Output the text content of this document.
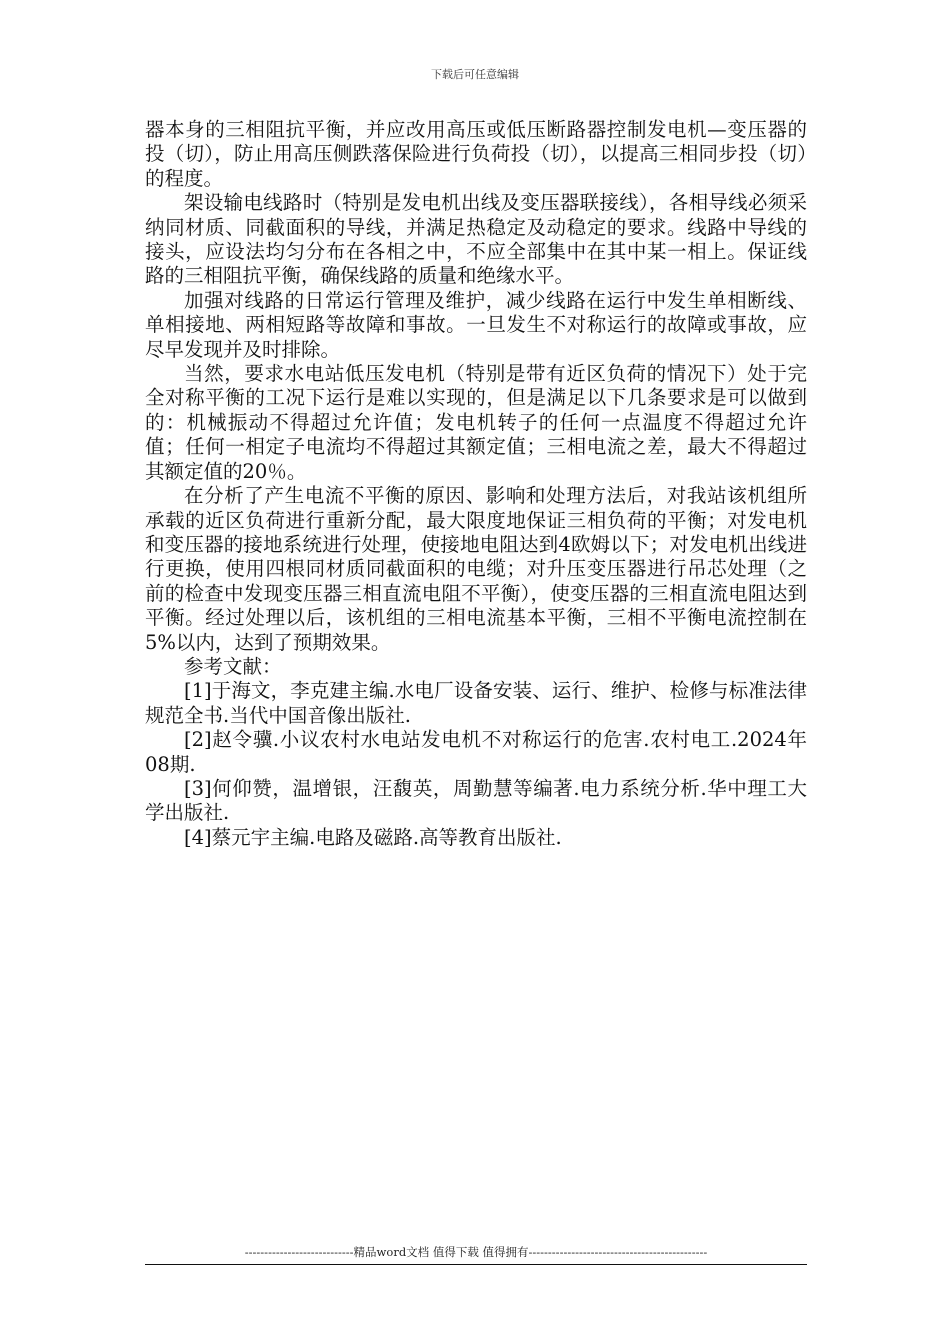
下载后可任意编辑

器本身的三相阻抗平衡，并应改用高压或低压断路器控制发电机—变压器的投（切），防止用高压侧跌落保险进行负荷投（切），以提高三相同步投（切）的程度。

架设输电线路时（特别是发电机出线及变压器联接线），各相导线必须采纳同材质、同截面积的导线，并满足热稳定及动稳定的要求。线路中导线的接头，应设法均匀分布在各相之中，不应全部集中在其中某一相上。保证线路的三相阻抗平衡，确保线路的质量和绝缘水平。

加强对线路的日常运行管理及维护，减少线路在运行中发生单相断线、单相接地、两相短路等故障和事故。一旦发生不对称运行的故障或事故，应尽早发现并及时排除。

当然，要求水电站低压发电机（特别是带有近区负荷的情况下）处于完全对称平衡的工况下运行是难以实现的，但是满足以下几条要求是可以做到的：机械振动不得超过允许值；发电机转子的任何一点温度不得超过允许值；任何一相定子电流均不得超过其额定值；三相电流之差，最大不得超过其额定值的20％。

在分析了产生电流不平衡的原因、影响和处理方法后，对我站该机组所承载的近区负荷进行重新分配，最大限度地保证三相负荷的平衡；对发电机和变压器的接地系统进行处理，使接地电阻达到4欧姆以下；对发电机出线进行更换，使用四根同材质同截面积的电缆；对升压变压器进行吊芯处理（之前的检查中发现变压器三相直流电阻不平衡），使变压器的三相直流电阻达到平衡。经过处理以后，该机组的三相电流基本平衡，三相不平衡电流控制在5%以内，达到了预期效果。

参考文献：

[1]于海文，李克建主编.水电厂设备安装、运行、维护、检修与标准法律规范全书.当代中国音像出版社.

[2]赵令骥.小议农村水电站发电机不对称运行的危害.农村电工.2024年08期.

[3]何仰赞，温增银，汪馥英，周勤慧等编著.电力系统分析.华中理工大学出版社.

[4]蔡元宇主编.电路及磁路.高等教育出版社.

----------------------------精品word文档 值得下载 值得拥有----------------------------------------------
